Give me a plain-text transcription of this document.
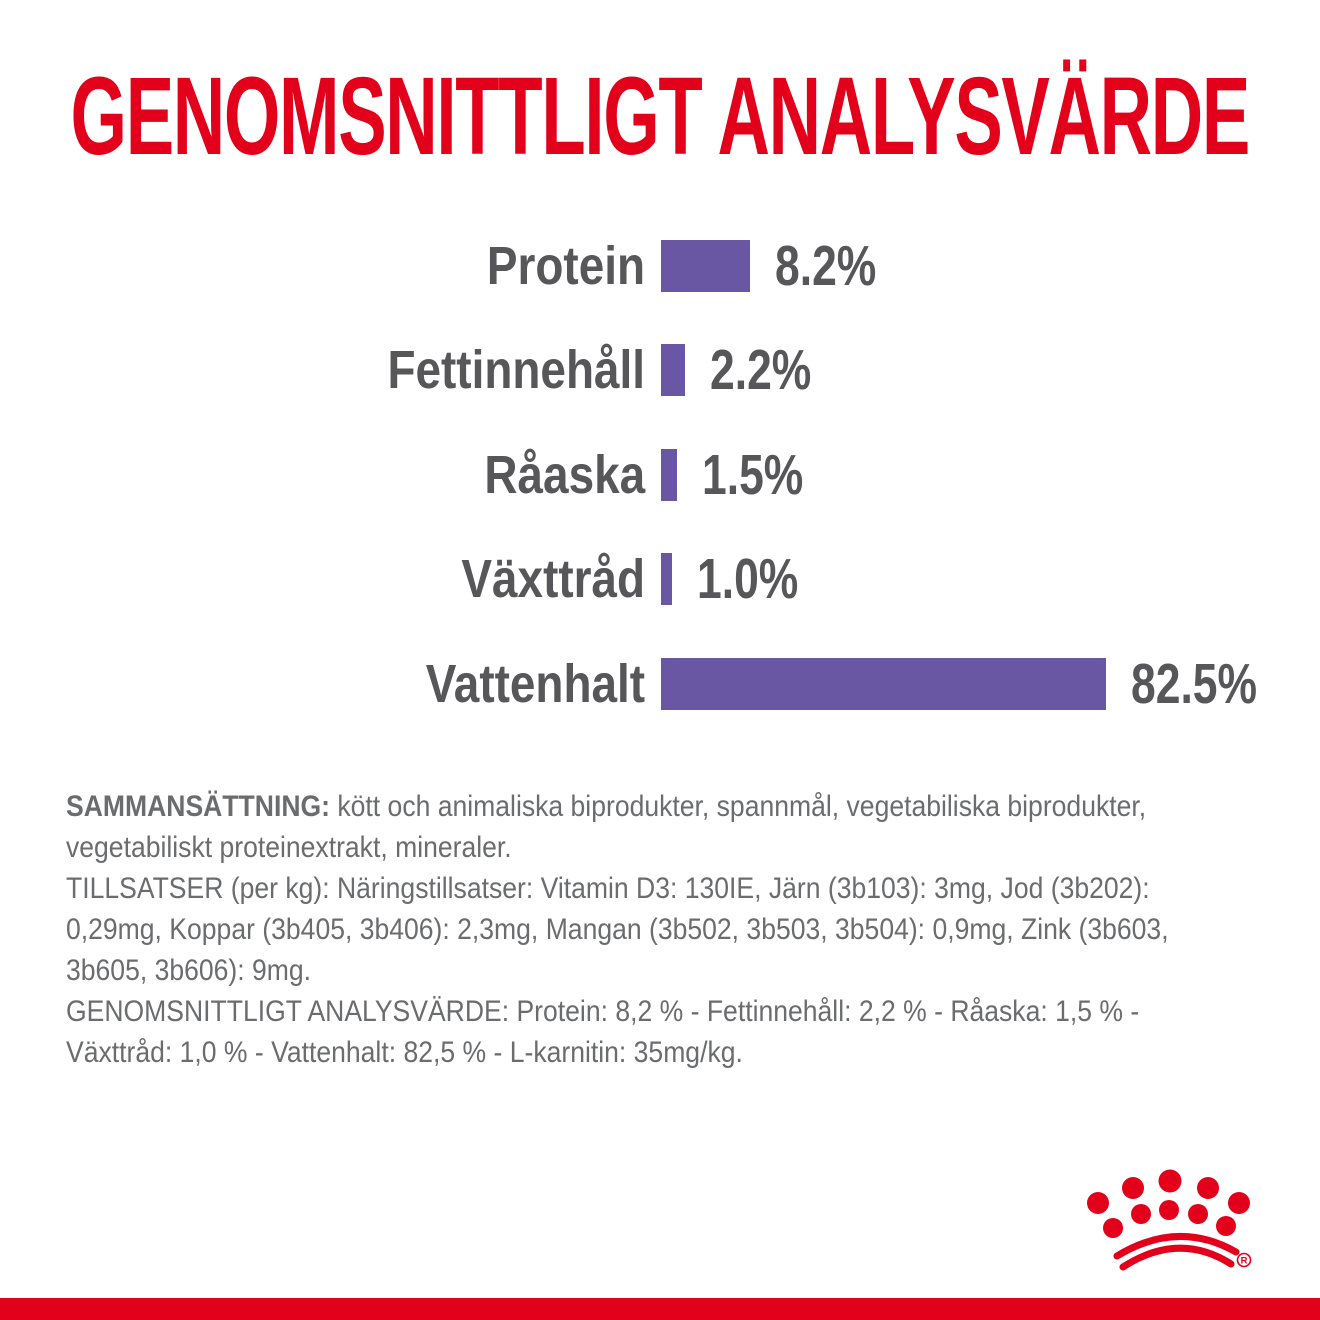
GENOMSNITTLIGT ANALYSVÄRDE
Protein 8.2%
Fettinnehåll 2.2%
Råaska 1.5%
Växttråd 1.0%
Vattenhalt	82.5%
SAMMANSÄTTNING: kött och animaliska biprodukter, spannmål, vegetabiliska biprodukter,
vegetabiliskt proteinextrakt, mineraler.
TILLSATSER (per kg): Näringstillsatser: Vitamin D3: 130IE, Järn (3b103): 3mg, Jod (3b202):
0,29mg, Koppar (3b405, 3b406): 2,3mg, Mangan (3b502, 3b503, 3b504): 0,9mg, Zink (3b603,
3b605, 3b606): 9mg.
GENOMSNITTLIGT ANALYSVÄRDE: Protein: 8,2 % - Fettinnehåll: 2,2 % - Råaska: 1,5 % -
Växttråd: 1,0 % - Vattenhalt: 82,5 % - L-karnitin: 35mg/kg.
R
